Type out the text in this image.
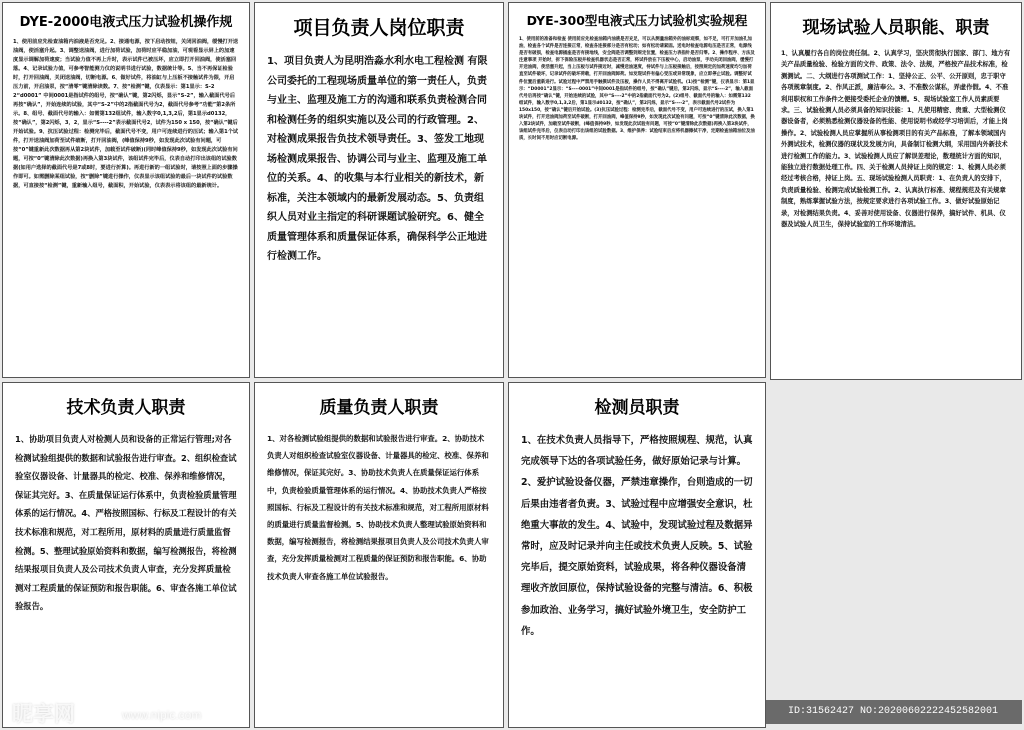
DYE-2000电液式压力试验机操作规

1、使用前应先检查油箱内油液是否充足。2、接通电源，按下启动按钮，关闭回油阀，缓慢打开送油阀，使活塞升起。3、调整送油阀，进行加荷试验，加荷时应平稳加油，可观看显示屏上的加速度显示调解加荷速度；当试验力值不再上升时，表示试件已被压坏，应立即打开回油阀，使活塞回落。4、记录试验力值，可参考智能测力仪的说明书进行试验，数据统计等。5、当不再保证检验时，打开回油阀，关闭送油阀，切断电源。6、做好试件，将油缸与上压板不接触试件为限，开启压力前，开启油泵，按“清零”键清除读数。7、按“检测”键，仪表显示：第1显示：S-2 2“d0001” 中间0001是指试件的组号，按“确认”键，第2闪烁，显示“S-2”，输入截面代号后再按“确认”，开始连续的试验，其中“S-2”中的2指截面代号为2，截面代号参考“功能”第2条所示。8、组号、截面代号的输入：如需第132组试件，输入数字0,1,3,2后，第1显示d0132，按“确认”，第2闪烁，3，2，显示“S----2”表示截面代号2，试件为150 x 150，按“确认”键后开始试验。9、抗压试验过程：检测完毕后，截面代号不变，用户可连续进行的压试；输入第1个试件，打开送油阀加荷至试件破断，打开回油阀，(峰值保持9秒，如发现此次试验有问题，可按“0”键重新此次数据再从第2块试件，加载至试件破断)(同时峰值保持9秒，如发现此次试验有问题，可按“0”键清除此次数据)再换入第3块试件，该组试件完毕后，仪表自动打印出该组的试验数据(如用户选择的截面代号是7或8时，要进行折算)。再进行新的一组试验时，请按照上面的步骤操作即可。如需删除某组试验，按“删除”键进行操作，仪表显示该组试验的最后一块试件的试验数据，可直接按“检测”键，重新输入组号，截面积，开始试验，仪表表示将该组的最新统计。

项目负责人岗位职责

1、项目负责人为昆明浩淼水利水电工程检测 有限公司委托的工程现场质量单位的第一责任人，负责与业主、监理及施工方的沟通和联系负责检测合同和检测任务的组织实施以及公司的行政管理。2、对检测成果报告负技术领导责任。3、签发工地现场检测成果报告、协调公司与业主、监理及施工单位的关系。4、的收集与本行业相关的新技术，新标准，关注本领域内的最新发展动态。5、负责组织人员对业主指定的科研课题试验研究。6、健全质量管理体系和质量保证体系，确保科学公正地进行检测工作。

DYE-300型电液式压力试验机实验规程

1、使用前的准备和检查 使用前应先检查油箱内油液是否充足，可以从测量油箱外的油标观察，如不足，可打开加油孔加油，检查各个试件是否连接正常，检查各连接部分是否有松动；如有松动请紧固。送电时检查电源电压是否正常，电源线是否有破损，检查电源插座是否有接地线，安全阀是否调整到规定位置，检查压力表指针是否归零。2、操作程序、方法及注意事项 开始时，拆下保险压板并检查机器状态是否正常，将试件放在下压板中心，启动油泵，手动关闭回油阀，缓慢打开送油阀，使活塞升起，当上压板与试件接近时，减慢送油速度，待试件与上压板接触后，按照规定的加荷速度均匀加荷直至试件破坏，记录试件的破坏荷载，打开回油阀卸荷。如发现试件有偏心受压或异常现象，应立即停止试验。调整好试件位置后重新进行。试验过程中严禁用手触摸试件及压板，操作人员不得离开试验机。(1)按“检测”键，仪表显示：第1显示：“D0001”2显示：“S----0001”中间0001是指试件的组号，按“确认”键后，第2闪烁，显示“S----2”，输入截面代号后再按“确认”键，开始连续的试验，其中“S----2”中的2指截面代号为2。(2)组号、截面代号的输入：如需第132组试件，输入数字0,1,3,2后，第1显示d0132，按“确认”，第2闪烁，显示“S----2”，表示截面代号2试件为150x150，按“确认”键后开始试验。(3)抗压试验过程：检测完毕后，截面代号不变，用户可连续进行的压试，换入第1块试件，打开送油阀加荷至试件破断，打开回油阀，峰值保持9秒，如发现此次试验有问题，可按“0”键清除此次数据，换入第2块试件，加载至试件破断，(峰值保持9秒，如发现此次试验有问题，可按“0”键清除此次数据)再换入第3块试件，该组试件完毕后，仪表自动打印出该组的试验数据。3、维护保养：试验结束后应将机器擦拭干净，定期检查油箱油位及油质，长时间不用时应切断电源。

现场试验人员职能、职责

1、认真履行各自的岗位责任制。2、认真学习，坚决贯彻执行国家、部门、地方有关产品质量检验、检验方面的文件、政策、法令、法规，严格按产品技术标准，检测测试。二、大纲进行各项测试工作：1、坚持公正、公平、公开原则，忠于职守各项规章制度。2、作风正派，廉洁奉公。3、不准数公谋私，弄虚作假。4、不准利用职权和工作条件之便接受委托企业的馈赠。5、现场试验室工作人员素质要求。三、试验检测人员必须具备的知识技能：1、凡使用精密、贵重、大型检测仪器设备者，必须熟悉检测仪器设备的性能、使用说明书或经学习培训后，才能上岗操作。2、试验检测人员应掌握所从事检测项目的有关产品标准，了解本领域国内外测试技术，检测仪器的现状及发展方向，具备制订检测大纲，采用国内外新技术进行检测工作的能力。3、试验检测人员应了解误差理论，数理统计方面的知识，能独立进行数据处理工作。四、关于检测人员持证上岗的规定：1、检测人员必须经过考核合格，持证上岗。五、现场试验检测人员职责：1、在负责人的安排下，负责质量检验、检测完成试验检测工作。2、认真执行标准、规程规范及有关规章制度，熟练掌握试验方法，按规定要求进行各项试验工作。3、做好试验原始记录，对检测结果负责。4、妥善对使用设备、仪器进行保养，搞好试件、机具、仪器及试验人员卫生，保持试验室的工作环境清洁。

技术负责人职责

1、协助项目负责人对检测人员和设备的正常运行管理;对各检测试验组提供的数据和试验报告进行审查。2、组织检查试验室仪器设备、计量器具的检定、校准、保养和维修情况，保证其完好。3、在质量保证运行体系中，负责检验质量管理体系的运行情况。4、严格按照国标、行标及工程设计的有关技术标准和规范，对工程所用，原材料的质量进行质量监督检测。5、整理试验原始资料和数据，编写检测报告，将检测结果报项目负责人及公司技术负责人审查，充分发挥质量检测对工程质量的保证预防和报告职能。6、审查各施工单位试验报告。

质量负责人职责

1、对各检测试验组提供的数据和试验报告进行审查。2、协助技术负责人对组织检查试验室仪器设备、计量器具的检定、校准、保养和维修情况，保证其完好。3、协助技术负责人在质量保证运行体系中，负责检验质量管理体系的运行情况。4、协助技术负责人严格按照国标、行标及工程设计的有关技术标准和规范，对工程所用原材料的质量进行质量监督检测。5、协助技术负责人整理试验原始资料和数据，编写检测报告，将检测结果报项目负责人及公司技术负责人审查，充分发挥质量检测对工程质量的保证预防和报告职能。6、协助技术负责人审查各施工单位试验报告。

检测员职责

1、在技术负责人员指导下，严格按照规程、规范，认真完成领导下达的各项试验任务，做好原始记录与计算。2、爱护试验设备仪器，严禁违章操作，台则造成的一切后果由违者者负责。3、试验过程中应增强安全意识，杜绝重大事故的发生。4、试验中，发现试验过程及数据异常时，应及时记录并向主任或技术负责人反映。5、试验完毕后，提交原始资料，试验成果，将各种仪器设备清理收齐放回原位，保持试验设备的完整与清洁。6、积极参加政治、业务学习，搞好试验外境卫生，安全防护工作。

昵享网	www.nipic.com	ID:31562427 NO:20200602222452582001
